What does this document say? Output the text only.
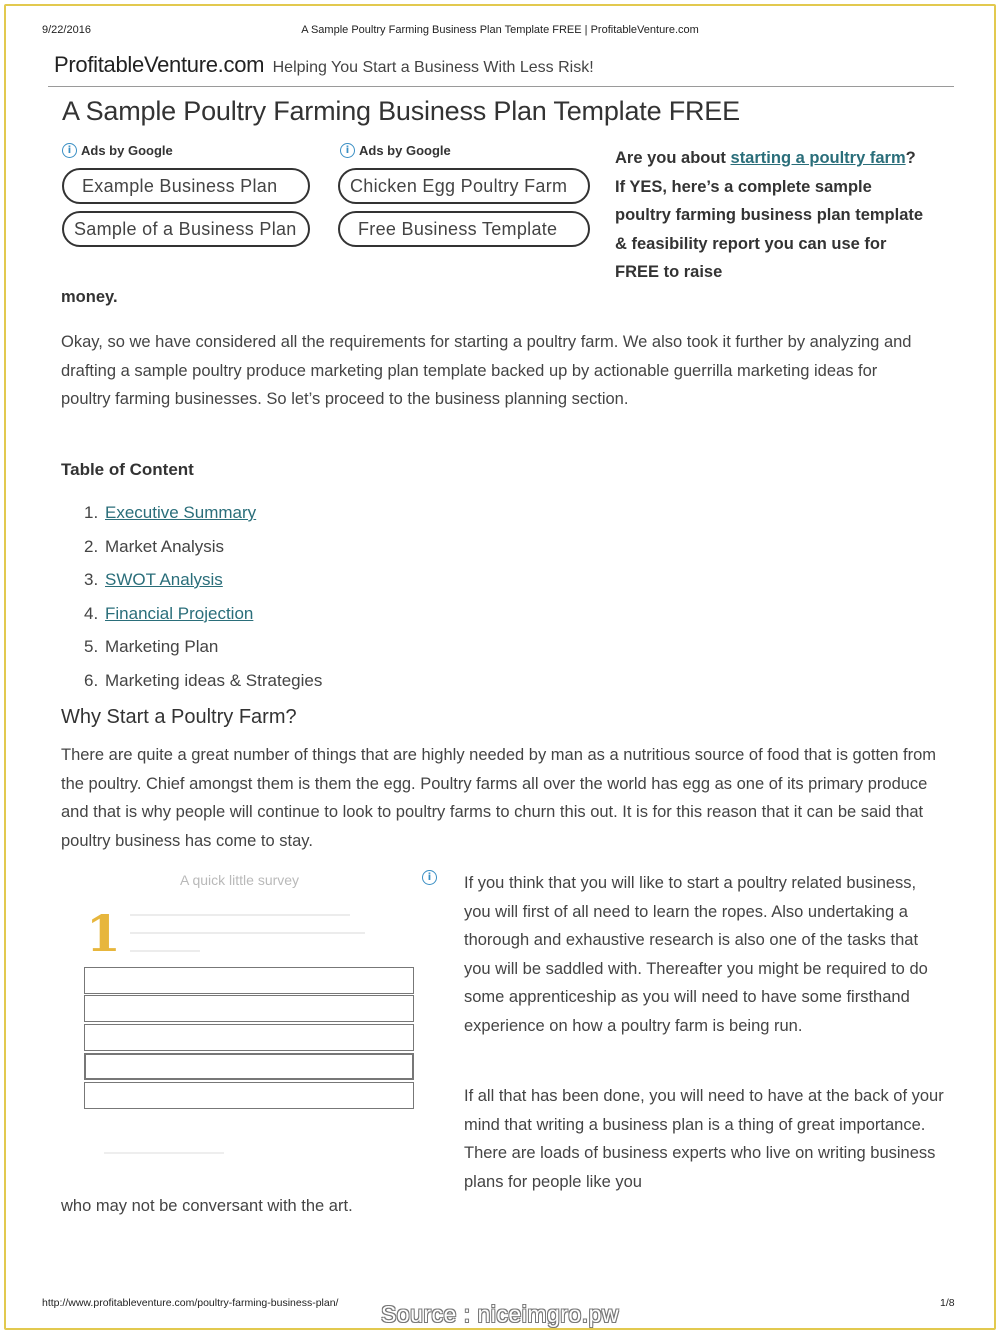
9/22/2016	A Sample Poultry Farming Business Plan Template FREE | ProfitableVenture.com
ProfitableVenture.com Helping You Start a Business With Less Risk!
A Sample Poultry Farming Business Plan Template FREE
i Ads by Google
Example Business Plan
Sample of a Business Plan
i Ads by Google
Chicken Egg Poultry Farm
Free Business Template
Are you about starting a poultry farm? If YES, here’s a complete sample poultry farming business plan template & feasibility report you can use for FREE to raise
money.
Okay, so we have considered all the requirements for starting a poultry farm. We also took it further by analyzing and drafting a sample poultry produce marketing plan template backed up by actionable guerrilla marketing ideas for poultry farming businesses. So let’s proceed to the business planning section.
Table of Content
1. Executive Summary
2. Market Analysis
3. SWOT Analysis
4. Financial Projection
5. Marketing Plan
6. Marketing ideas & Strategies
Why Start a Poultry Farm?
There are quite a great number of things that are highly needed by man as a nutritious source of food that is gotten from the poultry. Chief amongst them is them the egg. Poultry farms all over the world has egg as one of its primary produce and that is why people will continue to look to poultry farms to churn this out. It is for this reason that it can be said that poultry business has come to stay.
A quick little survey	i
1
If you think that you will like to start a poultry related business, you will first of all need to learn the ropes. Also undertaking a thorough and exhaustive research is also one of the tasks that you will be saddled with. Thereafter you might be required to do some apprenticeship as you will need to have some firsthand experience on how a poultry farm is being run.
If all that has been done, you will need to have at the back of your mind that writing a business plan is a thing of great importance. There are loads of business experts who live on writing business plans for people like you
who may not be conversant with the art.
http://www.profitableventure.com/poultry-farming-business-plan/	1/8
Source : niceimgro.pw
